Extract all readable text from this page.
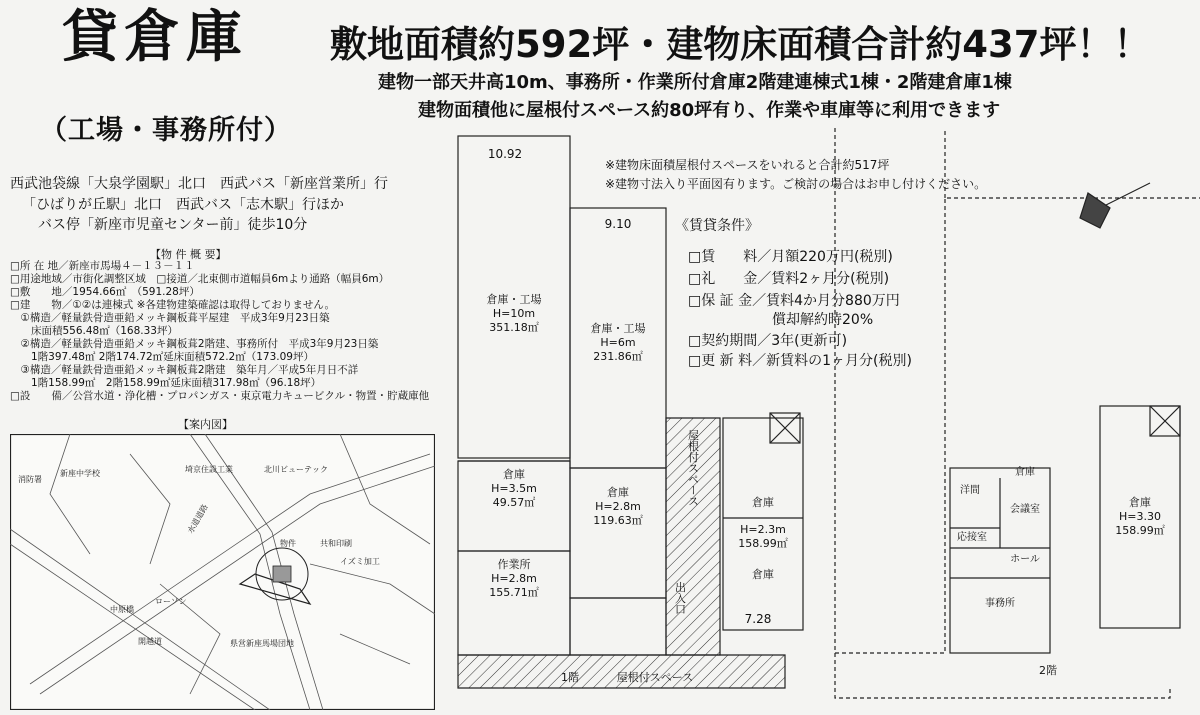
貸倉庫
（工場・事務所付）
敷地面積約592坪・建物床面積合計約437坪！！
建物一部天井高10m、事務所・作業所付倉庫2階建連棟式1棟・2階建倉庫1棟
建物面積他に屋根付スペース約80坪有り、作業や車庫等に利用できます
西武池袋線「大泉学園駅」北口　西武バス「新座営業所」行
「ひばりが丘駅」北口　西武バス「志木駅」行ほか
バス停「新座市児童センター前」徒歩10分
【物 件 概 要】
□所 在 地／新座市馬場４－１３－１１
□用途地域／市街化調整区域　□接道／北東側市道幅員6mより通路（幅員6m）
□敷　　地／1954.66㎡　（591.28坪）
□建　　物／①②は連棟式 ※各建物建築確認は取得しておりません。
　①構造／軽量鉄骨造亜鉛メッキ鋼板葺平屋建　平成3年9月23日築
　　床面積556.48㎡（168.33坪）
　②構造／軽量鉄骨造亜鉛メッキ鋼板葺2階建、事務所付　平成3年9月23日築
　　1階397.48㎡ 2階174.72㎡延床面積572.2㎡（173.09坪）
　③構造／軽量鉄骨造亜鉛メッキ鋼板葺2階建　築年月／平成5年月日不詳
　　1階158.99㎡　2階158.99㎡延床面積317.98㎡（96.18坪）
□設　　備／公営水道・浄化槽・プロパンガス・東京電力キュービクル・物置・貯蔵庫他
【案内図】
消防署
新座中学校	埼京住設工業	北川ビューテック
水道道路
物件	共和印刷
イズミ加工
ローソン
中原橋
開越道	県営新座馬場団地
※建物床面積屋根付スペースをいれると合計約517坪
※建物寸法入り平面図有ります。ご検討の場合はお申し付けください。
《賃貸条件》
□賃　　料／月額220万円(税別)
□礼　　金／賃料2ヶ月分(税別)
□保 証 金／賃料4か月分880万円
　　　　　　償却解約時20%
□契約期間／3年(更新可)
□更 新 料／新賃料の1ヶ月分(税別)
10.92
9.10
7.28
倉庫・工場
H=10m
351.18㎡	倉庫・工場
H=6m
231.86㎡
倉庫
H=3.5m
49.57㎡
倉庫
H=2.8m
119.63㎡
作業所
H=2.8m
155.71㎡
倉庫
H=2.3m
158.99㎡
倉庫
倉庫
H=3.30
158.99㎡
屋根付スペース
出入口
屋根付スペース
1階
2階
洋間
倉庫
会議室
応接室
ホール
事務所
